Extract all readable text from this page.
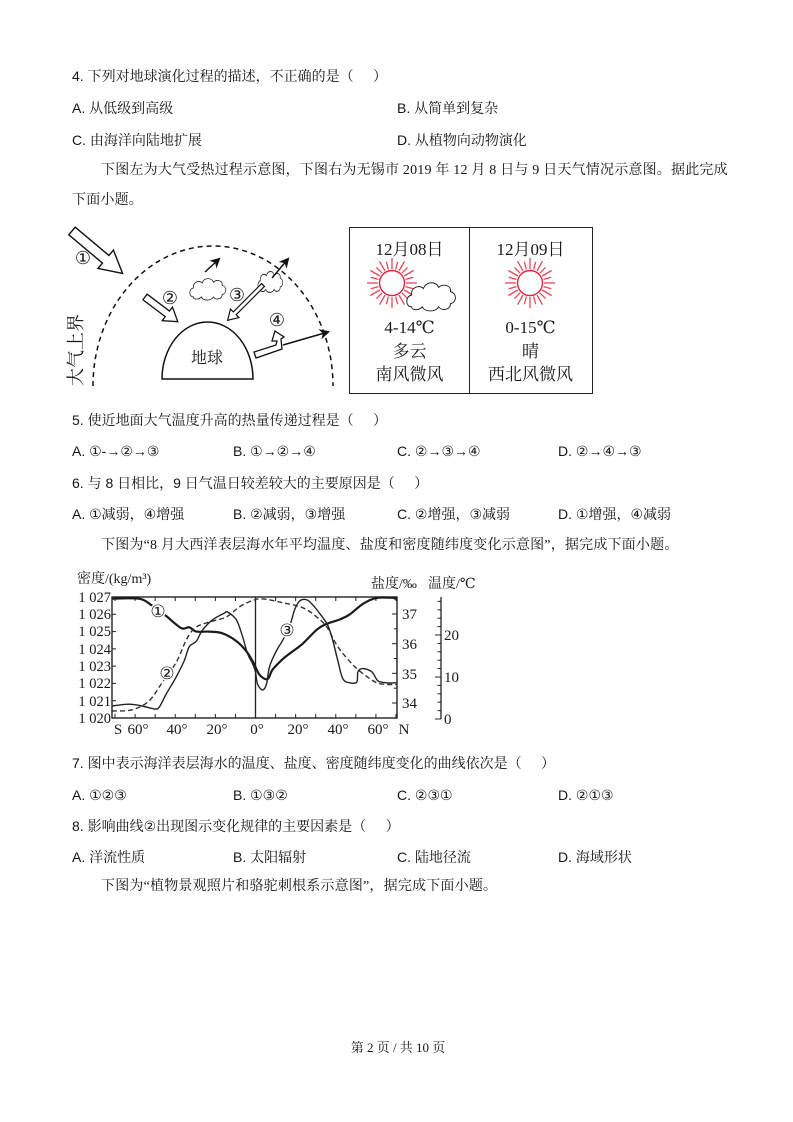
4. 下列对地球演化过程的描述，不正确的是（     ）
A. 从低级到高级	B. 从简单到复杂
C. 由海洋向陆地扩展	D. 从植物向动物演化
下图左为大气受热过程示意图，下图右为无锡市 2019 年 12 月 8 日与 9 日天气情况示意图。据此完成
下面小题。
大气上界	地球
①
②	③
④
12月08日
4-14℃
多云
南风微风
12月09日
0-15℃
晴
西北风微风
5. 使近地面大气温度升高的热量传递过程是（     ）
A. ①-→②→③	B. ①→②→④	C. ②→③→④	D. ②→④→③
6. 与 8 日相比，9 日气温日较差较大的主要原因是（     ）
A. ①减弱，④增强	B. ②减弱，③增强	C. ②增强，③减弱	D. ①增强，④减弱
下图为“8 月大西洋表层海水年平均温度、盐度和密度随纬度变化示意图”，据完成下面小题。
密度/(kg/m³)	盐度/‰ 温度/℃
1 027
1 026
1 025
1 024
1 023
1 022
1 021
1 020
37
36
35
34
20
10
0
S 60° 40° 20° 0° 20° 40° 60° N
①
②
③
7. 图中表示海洋表层海水的温度、盐度、密度随纬度变化的曲线依次是（     ）
A. ①②③	B. ①③②	C. ②③①	D. ②①③
8. 影响曲线②出现图示变化规律的主要因素是（     ）
A. 洋流性质	B. 太阳辐射	C. 陆地径流	D. 海域形状
下图为“植物景观照片和骆驼刺根系示意图”，据完成下面小题。
第 2 页 / 共 10 页
